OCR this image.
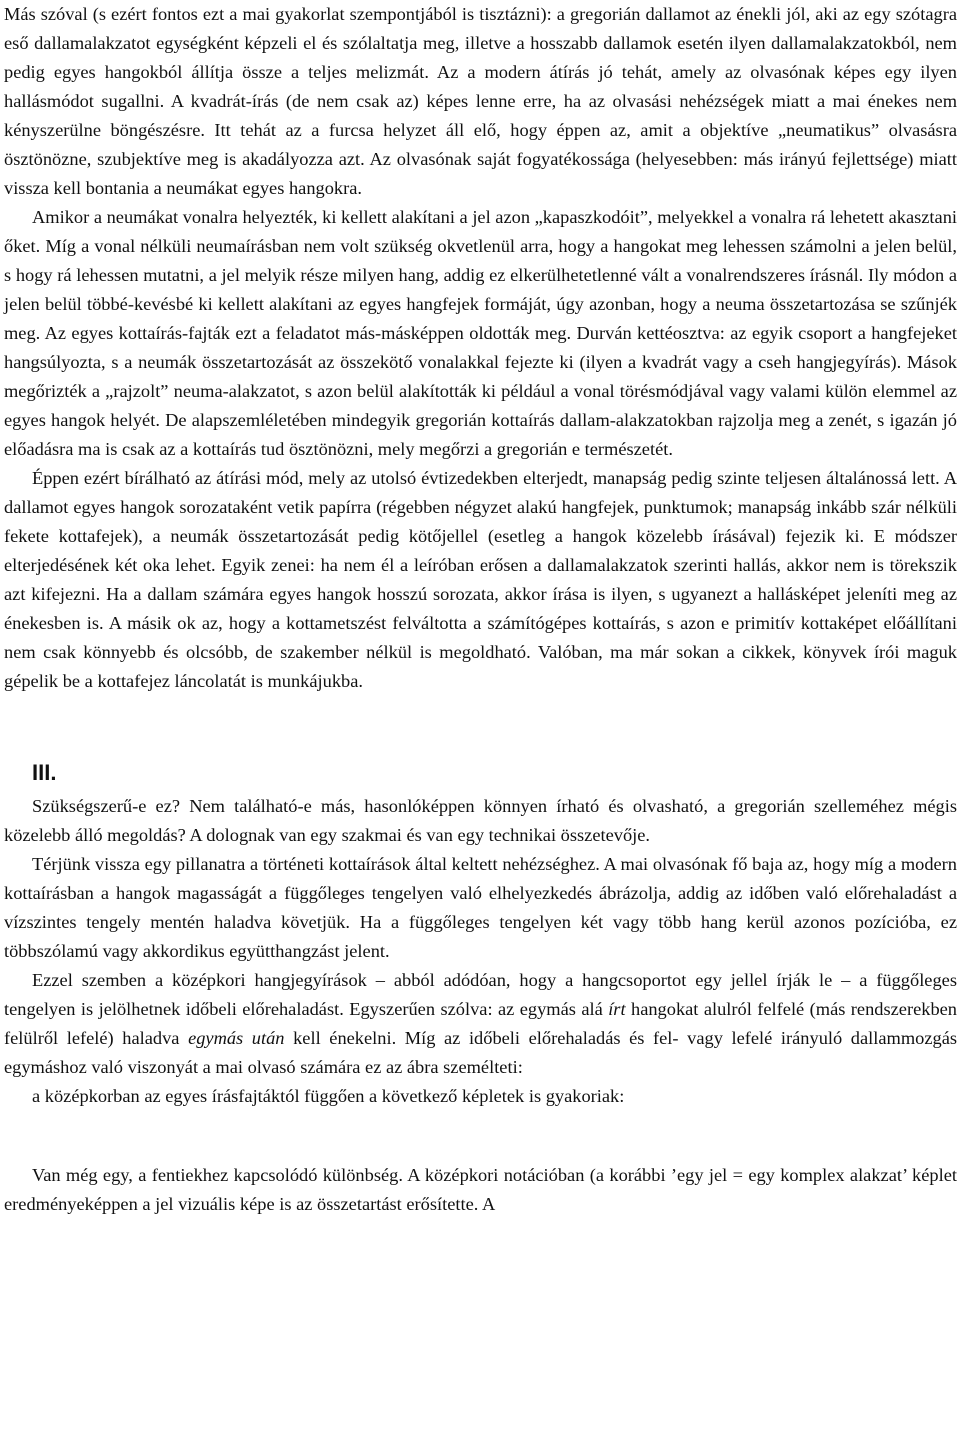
Más szóval (s ezért fontos ezt a mai gyakorlat szempontjából is tisztázni): a gregorián dallamot az énekli jól, aki az egy szótagra eső dallamalakzatot egységként képzeli el és szólaltatja meg, illetve a hosszabb dallamok esetén ilyen dallamalakzatokból, nem pedig egyes hangokból állítja össze a teljes melizmát. Az a modern átírás jó tehát, amely az olvasónak képes egy ilyen hallásmódot sugallni. A kvadrát-írás (de nem csak az) képes lenne erre, ha az olvasási nehézségek miatt a mai énekes nem kényszerülne böngészésre. Itt tehát az a furcsa helyzet áll elő, hogy éppen az, amit a objektíve „neumatikus” olvasásra ösztönözne, szubjektíve meg is akadályozza azt. Az olvasónak saját fogyatékossága (helyesebben: más irányú fejlettsége) miatt vissza kell bontania a neumákat egyes hangokra.

Amikor a neumákat vonalra helyezték, ki kellett alakítani a jel azon „kapaszkodóit”, melyekkel a vonalra rá lehetett akasztani őket. Míg a vonal nélküli neumaírásban nem volt szükség okvetlenül arra, hogy a hangokat meg lehessen számolni a jelen belül, s hogy rá lehessen mutatni, a jel melyik része milyen hang, addig ez elkerülhetetlenné vált a vonalrendszeres írásnál. Ily módon a jelen belül többé-kevésbé ki kellett alakítani az egyes hangfejek formáját, úgy azonban, hogy a neuma összetartozása se szűnjék meg. Az egyes kottaírás-fajták ezt a feladatot más-másképpen oldották meg. Durván kettéosztva: az egyik csoport a hangfejeket hangsúlyozta, s a neumák összetartozását az összekötő vonalakkal fejezte ki (ilyen a kvadrát vagy a cseh hangjegyírás). Mások megőrizték a „rajzolt” neuma-alakzatot, s azon belül alakították ki például a vonal törésmódjával vagy valami külön elemmel az egyes hangok helyét. De alapszemléletében mindegyik gregorián kottaírás dallam-alakzatokban rajzolja meg a zenét, s igazán jó előadásra ma is csak az a kottaírás tud ösztönözni, mely megőrzi a gregorián e természetét.

Éppen ezért bírálható az átírási mód, mely az utolsó évtizedekben elterjedt, manapság pedig szinte teljesen általánossá lett. A dallamot egyes hangok sorozataként vetik papírra (régebben négyzet alakú hangfejek, punktumok; manapság inkább szár nélküli fekete kottafejek), a neumák összetartozását pedig kötőjellel (esetleg a hangok közelebb írásával) fejezik ki. E módszer elterjedésének két oka lehet. Egyik zenei: ha nem él a leíróban erősen a dallamalakzatok szerinti hallás, akkor nem is törekszik azt kifejezni. Ha a dallam számára egyes hangok hosszú sorozata, akkor írása is ilyen, s ugyanezt a hallásképet jeleníti meg az énekesben is. A másik ok az, hogy a kottametszést felváltotta a számítógépes kottaírás, s azon e primitív kottaképet előállítani nem csak könnyebb és olcsóbb, de szakember nélkül is megoldható. Valóban, ma már sokan a cikkek, könyvek írói maguk gépelik be a kottafejez láncolatát is munkájukba.

III.

Szükségszerű-e ez? Nem található-e más, hasonlóképpen könnyen írható és olvasható, a gregorián szelleméhez mégis közelebb álló megoldás? A dolognak van egy szakmai és van egy technikai összetevője.

Térjünk vissza egy pillanatra a történeti kottaírások által keltett nehézséghez. A mai olvasónak fő baja az, hogy míg a modern kottaírásban a hangok magasságát a függőleges tengelyen való elhelyezkedés ábrázolja, addig az időben való előrehaladást a vízszintes tengely mentén haladva követjük. Ha a függőleges tengelyen két vagy több hang kerül azonos pozícióba, ez többszólamú vagy akkordikus együtthangzást jelent.

Ezzel szemben a középkori hangjegyírások – abból adódóan, hogy a hangcsoportot egy jellel írják le – a függőleges tengelyen is jelölhetnek időbeli előrehaladást. Egyszerűen szólva: az egymás alá írt hangokat alulról felfelé (más rendszerekben felülről lefelé) haladva egymás után kell énekelni. Míg az időbeli előrehaladás és fel- vagy lefelé irányuló dallammozgás egymáshoz való viszonyát a mai olvasó számára ez az ábra személteti:

a középkorban az egyes írásfajtáktól függően a következő képletek is gyakoriak:

Van még egy, a fentiekhez kapcsolódó különbség. A középkori notációban (a korábbi ’egy jel = egy komplex alakzat’ képlet eredményeképpen a jel vizuális képe is az összetartást erősítette. A
